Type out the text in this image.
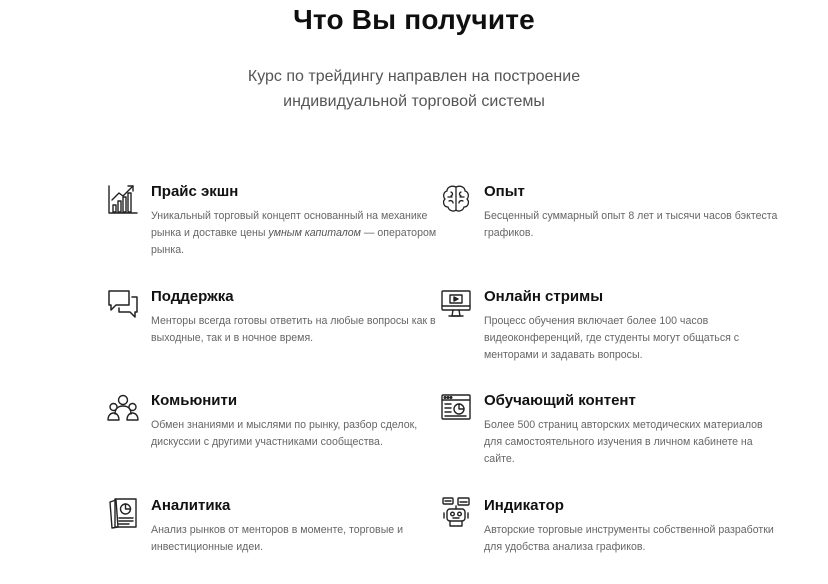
Что Вы получите
Курс по трейдингу направлен на построение индивидуальной торговой системы
Прайс экшн

Уникальный торговый концепт основанный на механике рынка и доставке цены умным капиталом — оператором рынка.

Опыт

Бесценный суммарный опыт 8 лет и тысячи часов бэктеста графиков.

Поддержка

Менторы всегда готовы ответить на любые вопросы как в выходные, так и в ночное время.

Онлайн стримы

Процесс обучения включает более 100 часов видеоконференций, где студенты могут общаться с менторами и задавать вопросы.

Комьюнити

Обмен знаниями и мыслями по рынку, разбор сделок, дискуссии с другими участниками сообщества.

Обучающий контент

Более 500 страниц авторских методических материалов для самостоятельного изучения в личном кабинете на сайте.

Аналитика

Анализ рынков от менторов в моменте, торговые и инвестиционные идеи.

Индикатор

Авторские торговые инструменты собственной разработки для удобства анализа графиков.
